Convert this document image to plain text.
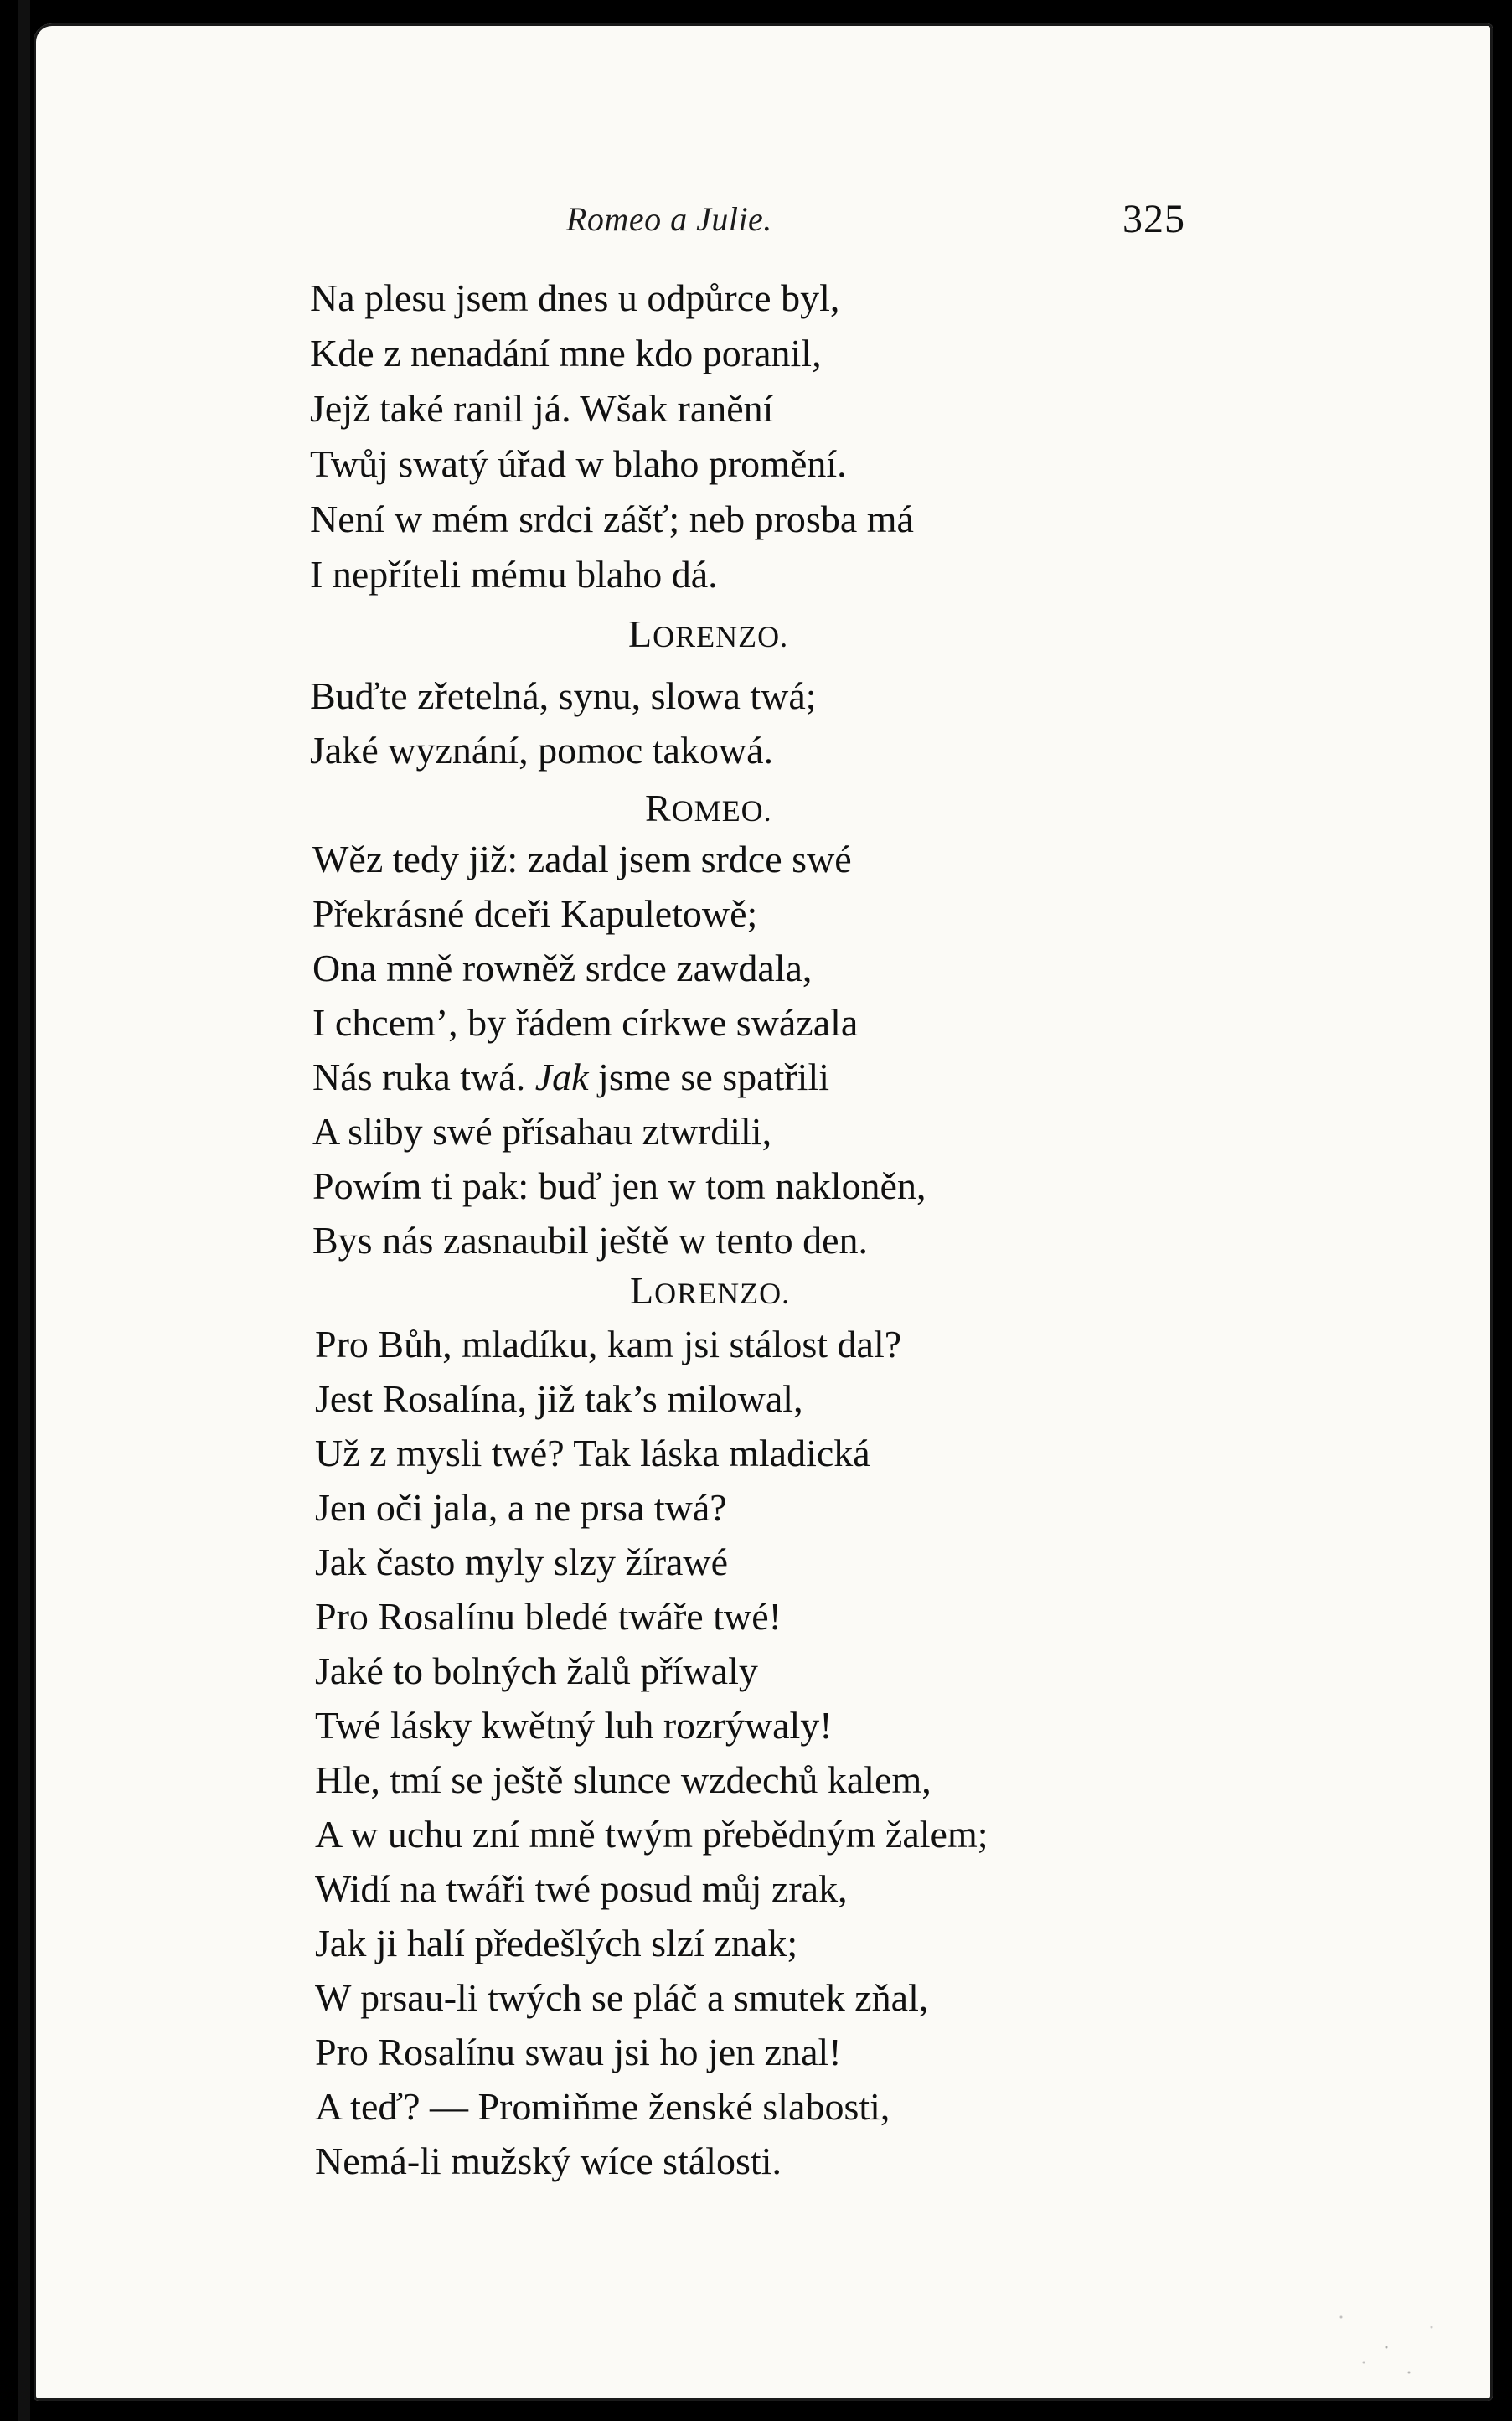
Romeo a Julie.	325
Na plesu jsem dnes u odpůrce byl,
Kde z nenadání mne kdo poranil,
Jejž také ranil já. Wšak ranění
Twůj swatý úřad w blaho promění.
Není w mém srdci zášť; neb prosba má
I nepříteli mému blaho dá.
LORENZO.
Buďte zřetelná, synu, slowa twá;
Jaké wyznání, pomoc takowá.
ROMEO.
Wěz tedy již: zadal jsem srdce swé
Překrásné dceři Kapuletowě;
Ona mně rowněž srdce zawdala,
I chcem’, by řádem církwe swázala
Nás ruka twá. Jak jsme se spatřili
A sliby swé přísahau ztwrdili,
Powím ti pak: buď jen w tom nakloněn,
Bys nás zasnaubil ještě w tento den.
LORENZO.
Pro Bůh, mladíku, kam jsi stálost dal?
Jest Rosalína, již tak’s milowal,
Už z mysli twé? Tak láska mladická
Jen oči jala, a ne prsa twá?
Jak často myly slzy žírawé
Pro Rosalínu bledé twáře twé!
Jaké to bolných žalů příwaly
Twé lásky kwětný luh rozrýwaly!
Hle, tmí se ještě slunce wzdechů kalem,
A w uchu zní mně twým přebědným žalem;
Widí na twáři twé posud můj zrak,
Jak ji halí předešlých slzí znak;
W prsau-li twých se pláč a smutek zňal,
Pro Rosalínu swau jsi ho jen znal!
A teď? — Promiňme ženské slabosti,
Nemá-li mužský wíce stálosti.
